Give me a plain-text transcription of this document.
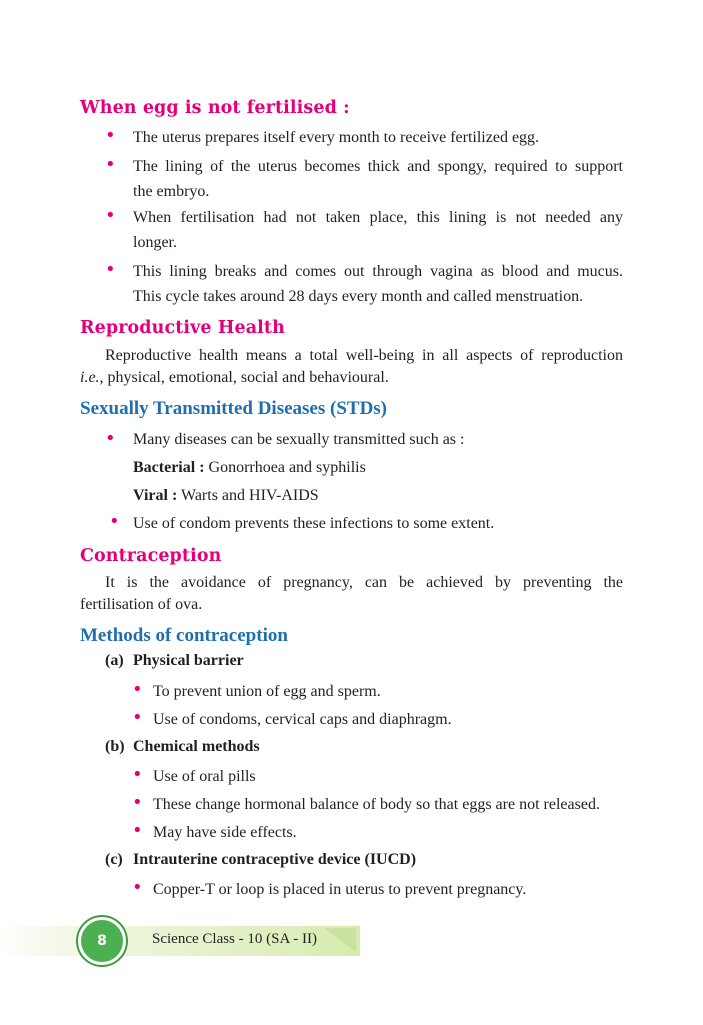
When egg is not fertilised :
• The uterus prepares itself every month to receive fertilized egg.
• The lining of the uterus becomes thick and spongy, required to support
the embryo.
• When fertilisation had not taken place, this lining is not needed any
longer.
• This lining breaks and comes out through vagina as blood and mucus.
This cycle takes around 28 days every month and called menstruation.
Reproductive Health
Reproductive health means a total well-being in all aspects of reproduction
i.e., physical, emotional, social and behavioural.
Sexually Transmitted Diseases (STDs)
• Many diseases can be sexually transmitted such as :
Bacterial : Gonorrhoea and syphilis
Viral : Warts and HIV-AIDS
• Use of condom prevents these infections to some extent.
Contraception
It is the avoidance of pregnancy, can be achieved by preventing the
fertilisation of ova.
Methods of contraception
(a) Physical barrier
• To prevent union of egg and sperm.
• Use of condoms, cervical caps and diaphragm.
(b) Chemical methods
• Use of oral pills
• These change hormonal balance of body so that eggs are not released.
• May have side effects.
(c) Intrauterine contraceptive device (IUCD)
• Copper-T or loop is placed in uterus to prevent pregnancy.
8	Science Class - 10 (SA - II)
